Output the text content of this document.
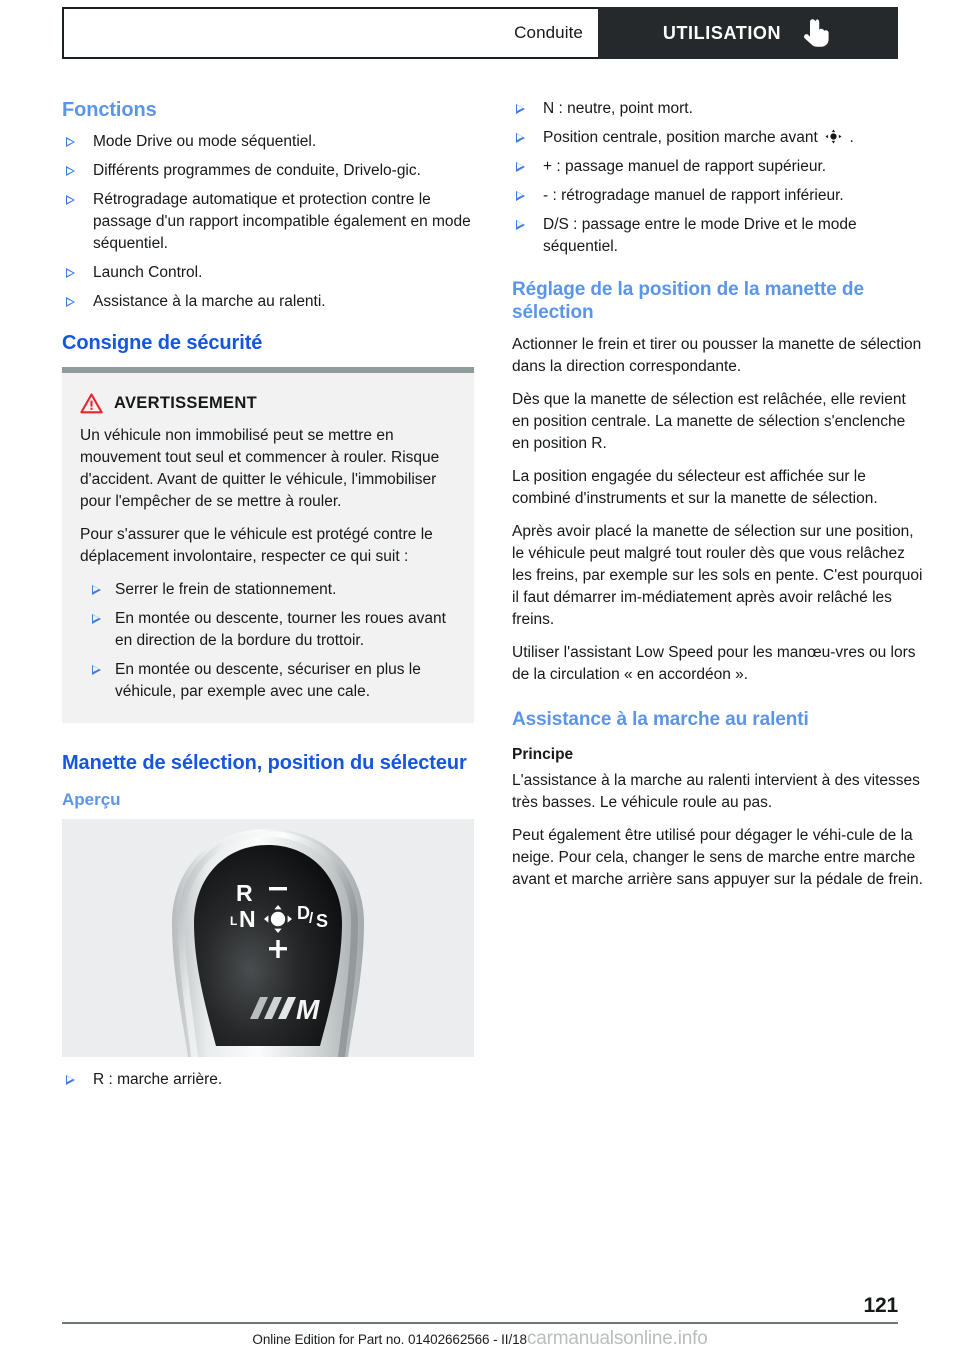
Conduite	UTILISATION
Fonctions
Mode Drive ou mode séquentiel.
Différents programmes de conduite, Drivelo-gic.
Rétrogradage automatique et protection contre le passage d'un rapport incompatible également en mode séquentiel.
Launch Control.
Assistance à la marche au ralenti.
Consigne de sécurité
AVERTISSEMENT

Un véhicule non immobilisé peut se mettre en mouvement tout seul et commencer à rouler. Risque d'accident. Avant de quitter le véhicule, l'immobiliser pour l'empêcher de se mettre à rouler.

Pour s'assurer que le véhicule est protégé contre le déplacement involontaire, respecter ce qui suit :

Serrer le frein de stationnement.
En montée ou descente, tourner les roues avant en direction de la bordure du trottoir.
En montée ou descente, sécuriser en plus le véhicule, par exemple avec une cale.
Manette de sélection, position du sélecteur
Aperçu
R
L N D / S
M
R : marche arrière.
N : neutre, point mort.
Position centrale, position marche avant .
+ : passage manuel de rapport supérieur.
- : rétrogradage manuel de rapport inférieur.
D/S : passage entre le mode Drive et le mode séquentiel.
Réglage de la position de la manette de sélection

Actionner le frein et tirer ou pousser la manette de sélection dans la direction correspondante.

Dès que la manette de sélection est relâchée, elle revient en position centrale. La manette de sélection s'enclenche en position R.

La position engagée du sélecteur est affichée sur le combiné d'instruments et sur la manette de sélection.

Après avoir placé la manette de sélection sur une position, le véhicule peut malgré tout rouler dès que vous relâchez les freins, par exemple sur les sols en pente. C'est pourquoi il faut démarrer im-médiatement après avoir relâché les freins.

Utiliser l'assistant Low Speed pour les manœu-vres ou lors de la circulation « en accordéon ».

Assistance à la marche au ralenti
Principe

L'assistance à la marche au ralenti intervient à des vitesses très basses. Le véhicule roule au pas.

Peut également être utilisé pour dégager le véhi-cule de la neige. Pour cela, changer le sens de marche entre marche avant et marche arrière sans appuyer sur la pédale de frein.

121
Online Edition for Part no. 01402662566 - II/18carmanualsonline.info
